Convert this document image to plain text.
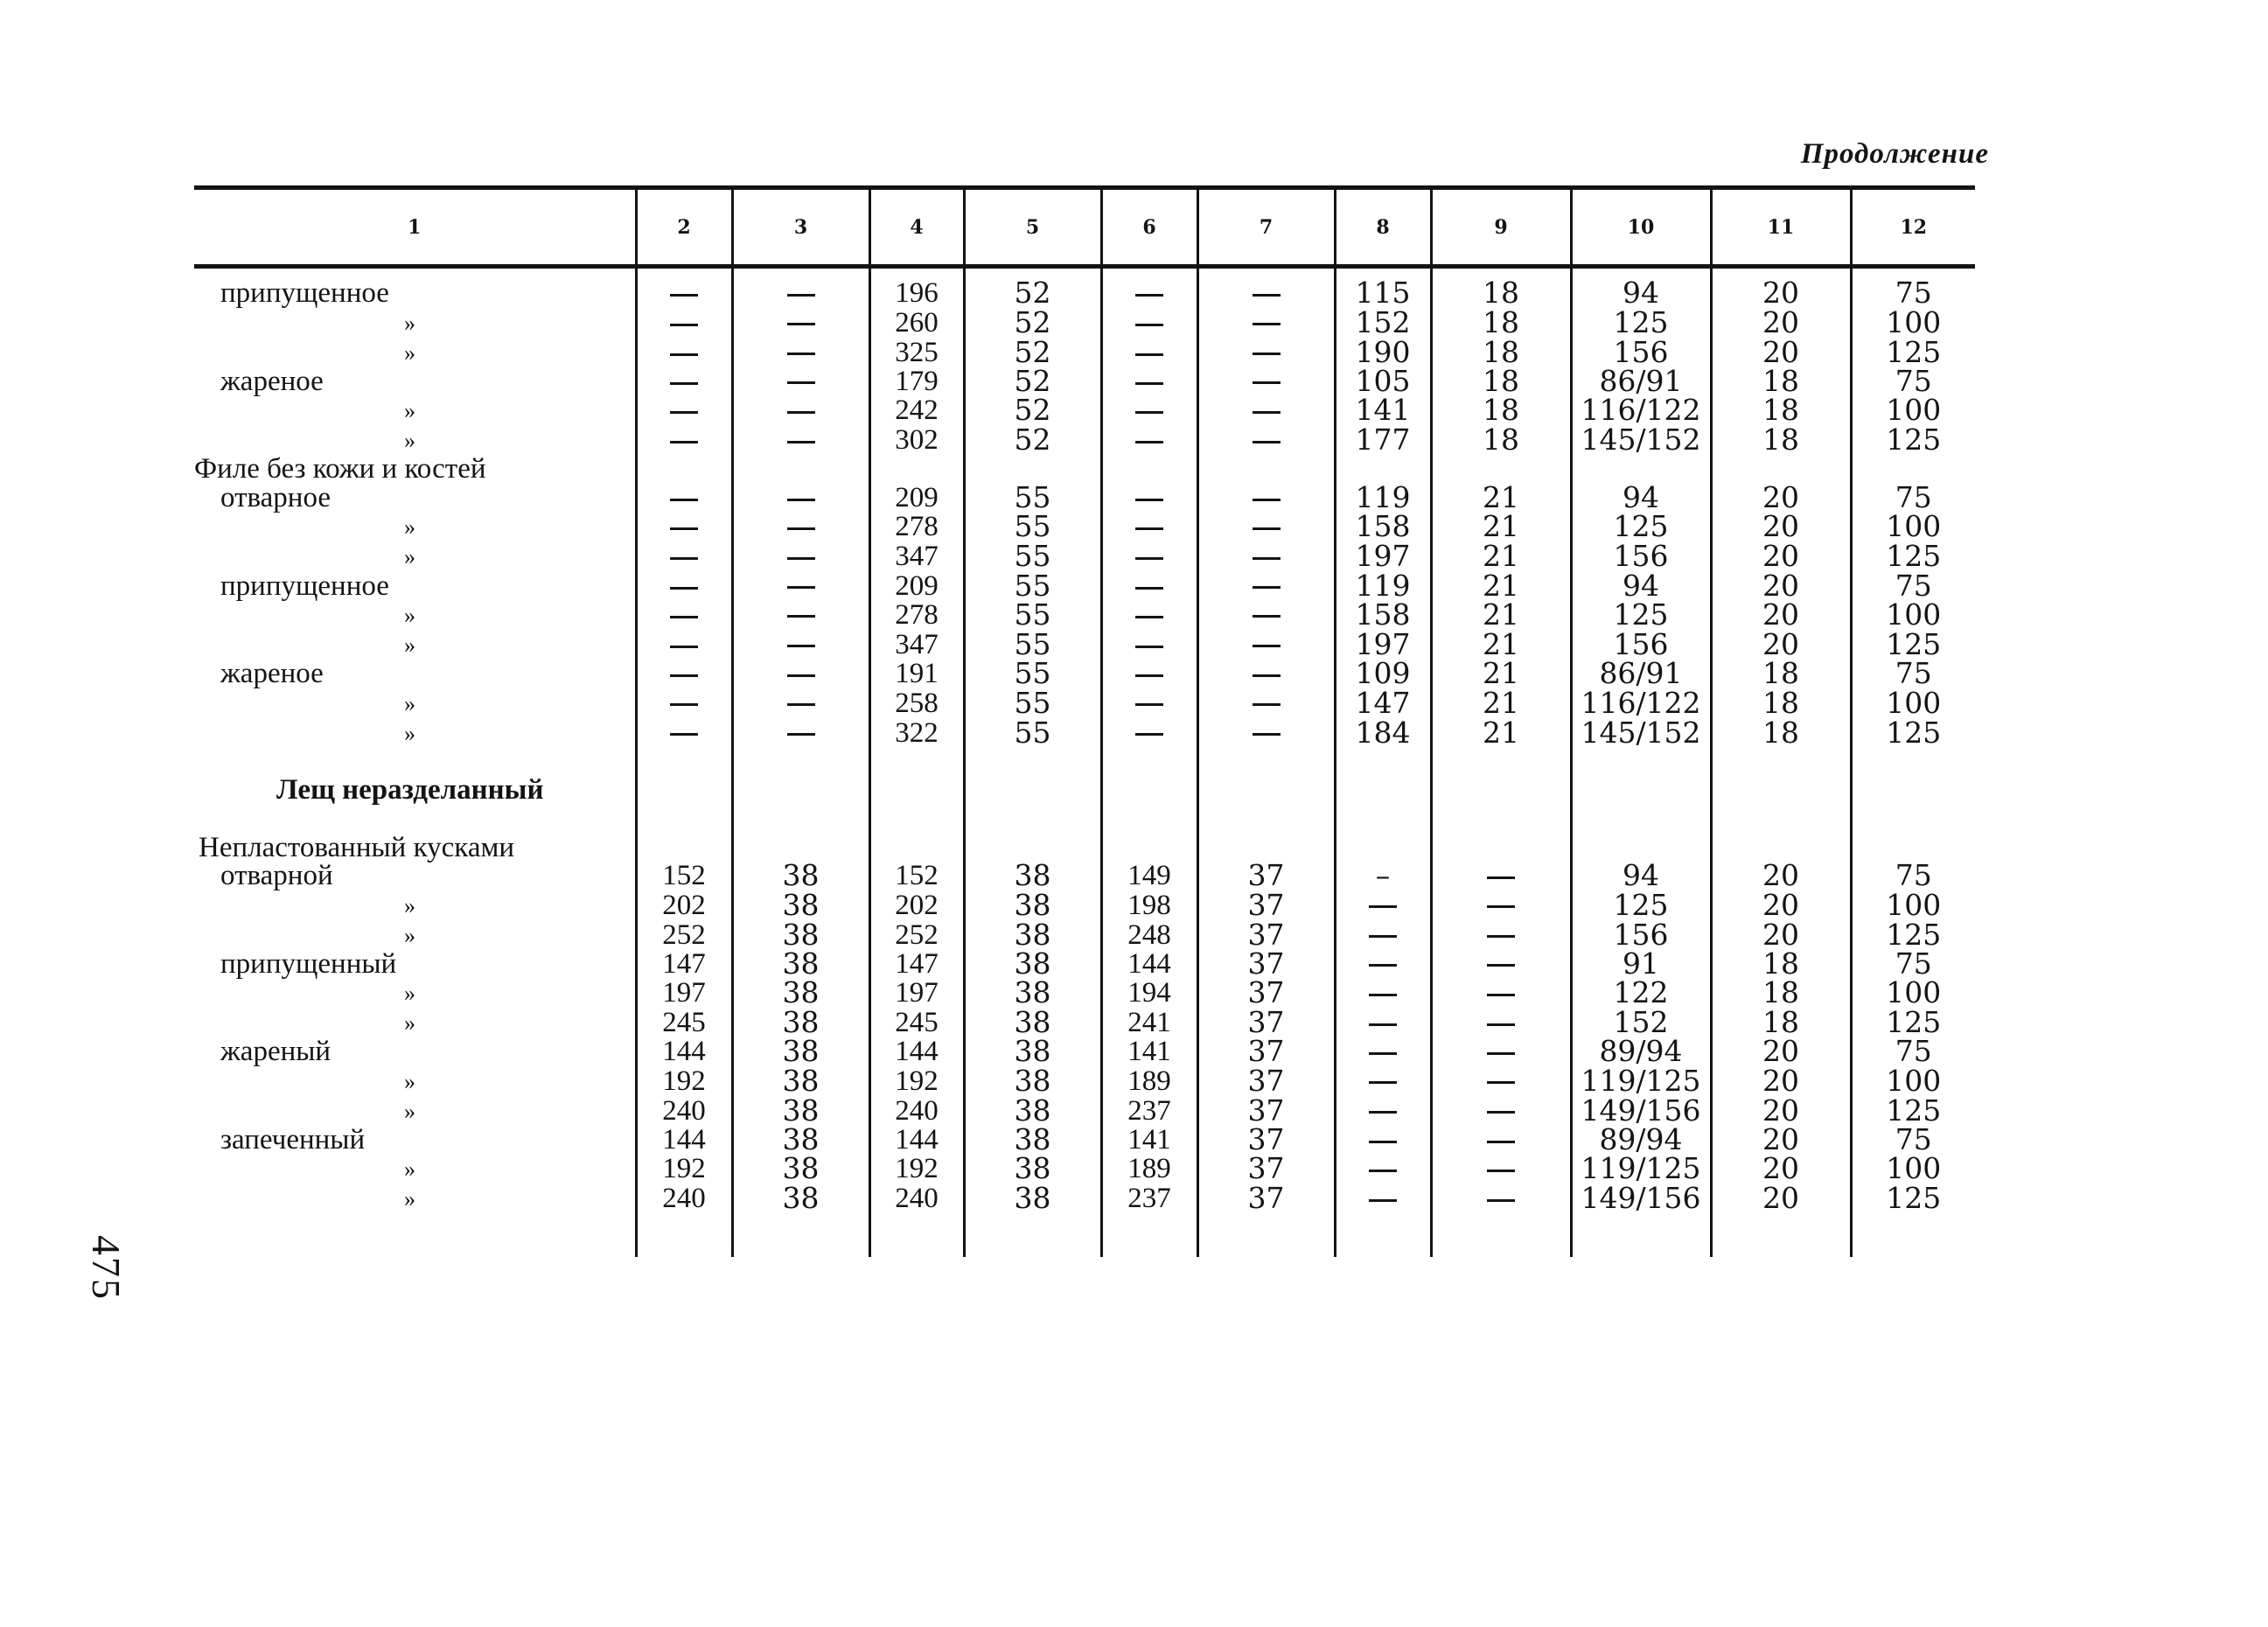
Продолжение
1	2	3	4	5	6	7	8	9	10	11	12

припущенное			196	52			115	18	94	20	75
»			260	52			152	18	125	20	100
»			325	52			190	18	156	20	125
жареное			179	52			105	18	86/91	18	75
»			242	52			141	18	116/122	18	100
»			302	52			177	18	145/152	18	125
Филе без кожи и костей											
отварное			209	55			119	21	94	20	75
»			278	55			158	21	125	20	100
»			347	55			197	21	156	20	125
припущенное			209	55			119	21	94	20	75
»			278	55			158	21	125	20	100
»			347	55			197	21	156	20	125
жареное			191	55			109	21	86/91	18	75
»			258	55			147	21	116/122	18	100
»			322	55			184	21	145/152	18	125

Лещ неразделанный											

Непластованный кусками											
отварной	152	38	152	38	149	37	–		94	20	75
»	202	38	202	38	198	37			125	20	100
»	252	38	252	38	248	37			156	20	125
припущенный	147	38	147	38	144	37			91	18	75
»	197	38	197	38	194	37			122	18	100
»	245	38	245	38	241	37			152	18	125
жареный	144	38	144	38	141	37			89/94	20	75
»	192	38	192	38	189	37			119/125	20	100
»	240	38	240	38	237	37			149/156	20	125
запеченный	144	38	144	38	141	37			89/94	20	75
»	192	38	192	38	189	37			119/125	20	100
»	240	38	240	38	237	37			149/156	20	125

475
